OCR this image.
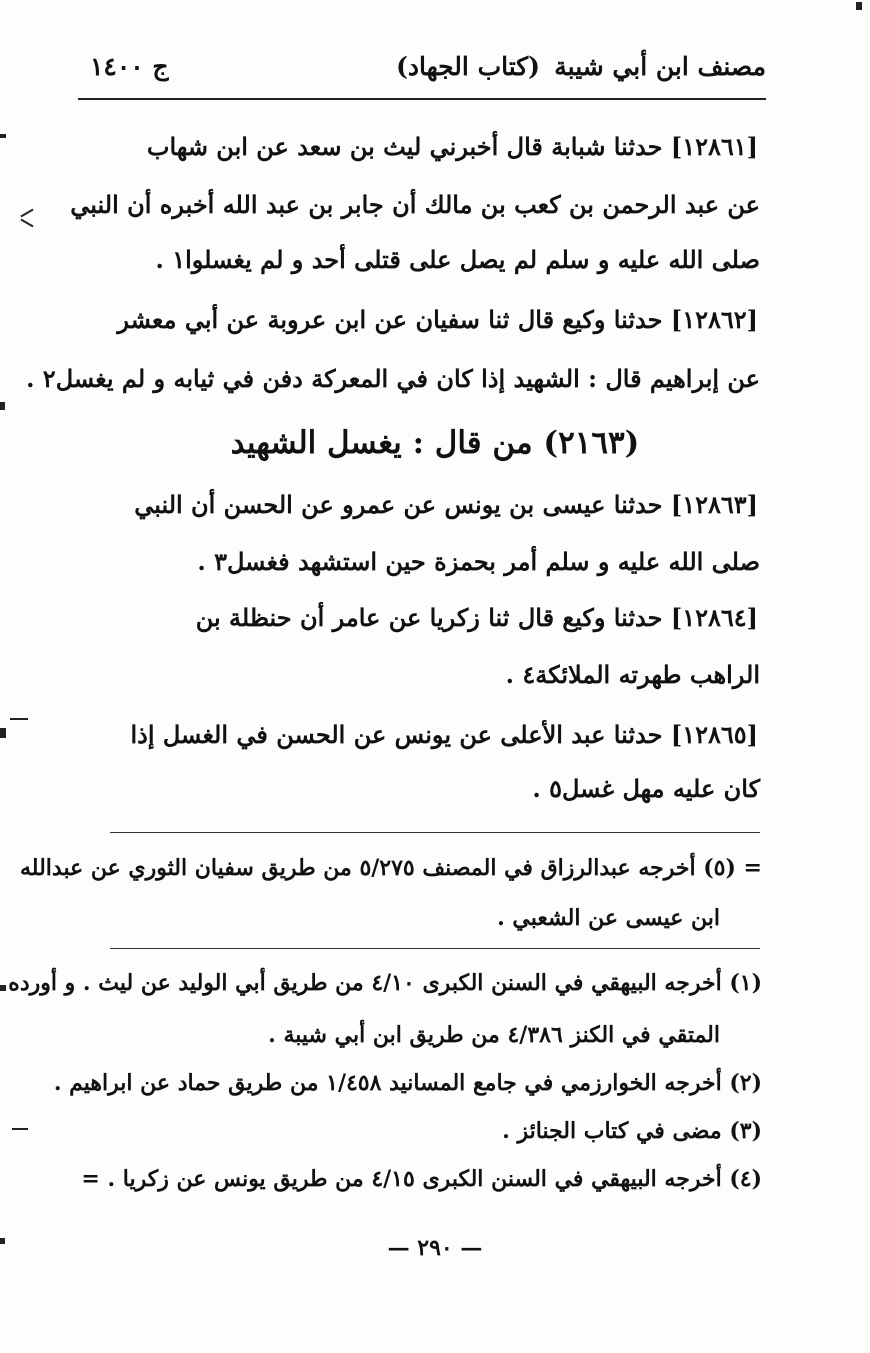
مصنف ابن أبي شيبة
(كتاب الجهاد)
ج ١٤٠٠
[١٢٨٦١] حدثنا شبابة قال أخبرني ليث بن سعد عن ابن شهاب
عن عبد الرحمن بن كعب بن مالك أن جابر بن عبد الله أخبره أن النبي
صلى الله عليه و سلم لم يصل على قتلى أحد و لم يغسلوا١ .
[١٢٨٦٢] حدثنا وكيع قال ثنا سفيان عن ابن عروبة عن أبي معشر
عن إبراهيم قال : الشهيد إذا كان في المعركة دفن في ثيابه و لم يغسل٢ .
(٢١٦٣) من قال : يغسل الشهيد
[١٢٨٦٣] حدثنا عيسى بن يونس عن عمرو عن الحسن أن النبي
صلى الله عليه و سلم أمر بحمزة حين استشهد فغسل٣ .
[١٢٨٦٤] حدثنا وكيع قال ثنا زكريا عن عامر أن حنظلة بن
الراهب طهرته الملائكة٤ .
[١٢٨٦٥] حدثنا عبد الأعلى عن يونس عن الحسن في الغسل إذا
كان عليه مهل غسل٥ .
= (٥) أخرجه عبدالرزاق في المصنف ٥/٢٧٥ من طريق سفيان الثوري عن عبدالله
ابن عيسى عن الشعبي .
(١) أخرجه البيهقي في السنن الكبرى ٤/١٠ من طريق أبي الوليد عن ليث . و أورده
المتقي في الكنز ٤/٣٨٦ من طريق ابن أبي شيبة .
(٢) أخرجه الخوارزمي في جامع المسانيد ١/٤٥٨ من طريق حماد عن ابراهيم .
(٣) مضى في كتاب الجنائز .
(٤) أخرجه البيهقي في السنن الكبرى ٤/١٥ من طريق يونس عن زكريا . =
— ٢٩٠ —
